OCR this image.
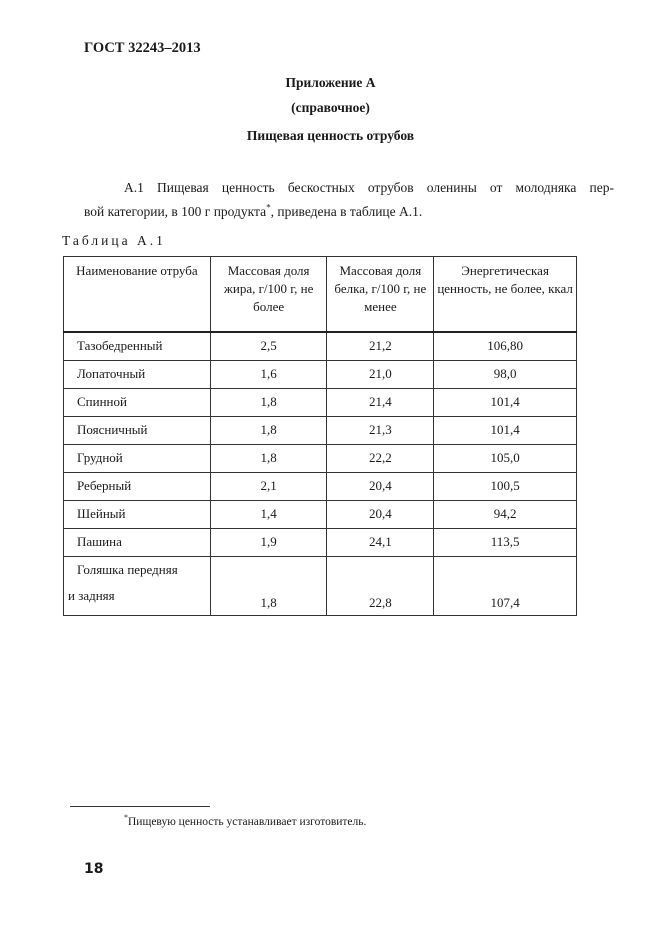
ГОСТ 32243–2013
Приложение А
(справочное)
Пищевая ценность отрубов
А.1 Пищевая ценность бескостных отрубов оленины от молодняка пер-
вой категории, в 100 г продукта*, приведена в таблице А.1.
Таблица А.1
Наименование отруба	Массовая доля жира, г/100 г, не более	Массовая доля белка, г/100 г, не менее	Энергетическая ценность, не более, ккал
Тазобедренный	2,5	21,2	106,80
Лопаточный	1,6	21,0	98,0
Спинной	1,8	21,4	101,4
Поясничный	1,8	21,3	101,4
Грудной	1,8	22,2	105,0
Реберный	2,1	20,4	100,5
Шейный	1,4	20,4	94,2
Пашина	1,9	24,1	113,5

Голяшка передняя
и задняя	1,8	22,8	107,4
*Пищевую ценность устанавливает изготовитель.
18
